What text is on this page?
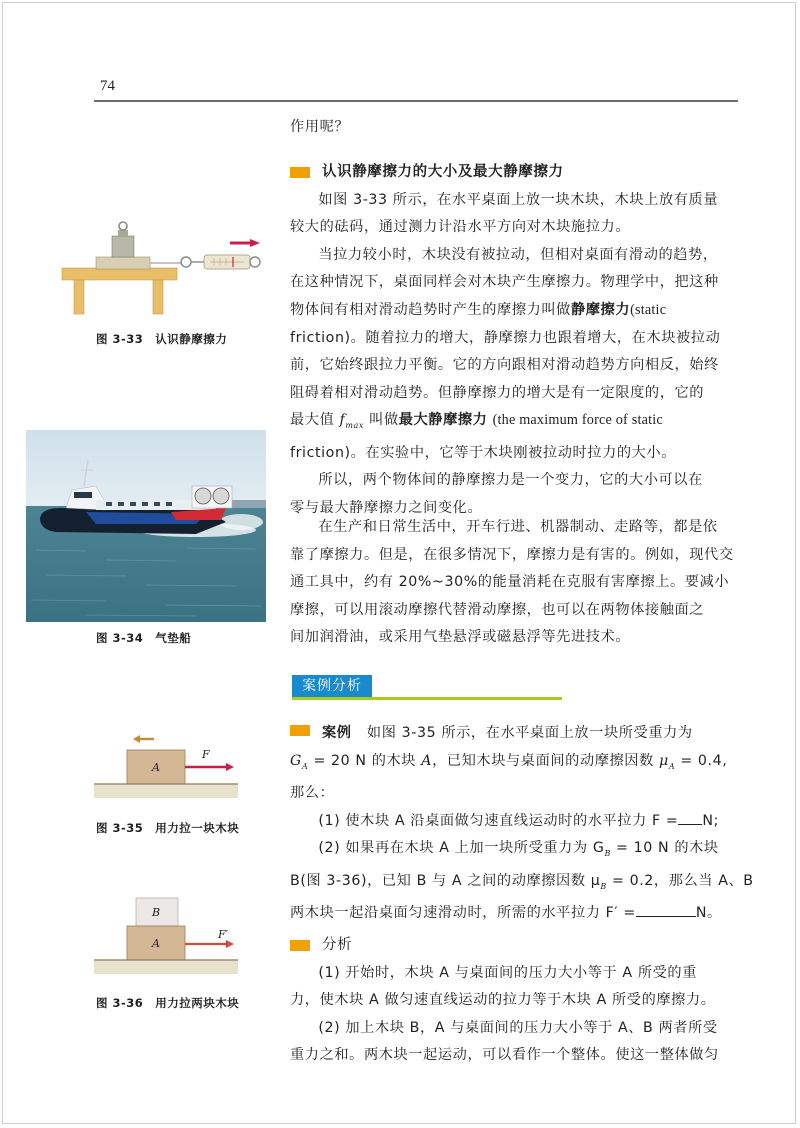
74
图 3-33 认识静摩擦力
图 3-34 气垫船
A
F
图 3-35 用力拉一块木块
B
A
F′
图 3-36 用力拉两块木块
作用呢？
认识静摩擦力的大小及最大静摩擦力

如图 3-33 所示，在水平桌面上放一块木块，木块上放有质量
较大的砝码，通过测力计沿水平方向对木块施拉力。

当拉力较小时，木块没有被拉动，但相对桌面有滑动的趋势，
在这种情况下，桌面同样会对木块产生摩擦力。物理学中，把这种
物体间有相对滑动趋势时产生的摩擦力叫做静摩擦力(static
friction)。随着拉力的增大，静摩擦力也跟着增大，在木块被拉动
前，它始终跟拉力平衡。它的方向跟相对滑动趋势方向相反，始终
阻碍着相对滑动趋势。但静摩擦力的增大是有一定限度的，它的
最大值 $f_{max}$ 叫做最大静摩擦力 (the maximum force of static
friction)。在实验中，它等于木块刚被拉动时拉力的大小。

所以，两个物体间的静摩擦力是一个变力，它的大小可以在
零与最大静摩擦力之间变化。

在生产和日常生活中，开车行进、机器制动、走路等，都是依
靠了摩擦力。但是，在很多情况下，摩擦力是有害的。例如，现代交
通工具中，约有 20%~30%的能量消耗在克服有害摩擦上。要减小
摩擦，可以用滚动摩擦代替滑动摩擦，也可以在两物体接触面之
间加润滑油，或采用气垫悬浮或磁悬浮等先进技术。

案例分析
案例 如图 3-35 所示，在水平桌面上放一块所受重力为
$G_A = 20$ N 的木块 A，已知木块与桌面间的动摩擦因数 $\mu_A = 0.4$,
那么：
(1) 使木块 A 沿桌面做匀速直线运动时的水平拉力 F = N;
(2) 如果再在木块 A 上加一块所受重力为 $G_B = 10$ N 的木块
B(图 3-36)，已知 B 与 A 之间的动摩擦因数 $\mu_B = 0.2$，那么当 A、B
两木块一起沿桌面匀速滑动时，所需的水平拉力 F′ =	N。
分析
(1) 开始时，木块 A 与桌面间的压力大小等于 A 所受的重
力，使木块 A 做匀速直线运动的拉力等于木块 A 所受的摩擦力。
(2) 加上木块 B，A 与桌面间的压力大小等于 A、B 两者所受
重力之和。两木块一起运动，可以看作一个整体。使这一整体做匀
